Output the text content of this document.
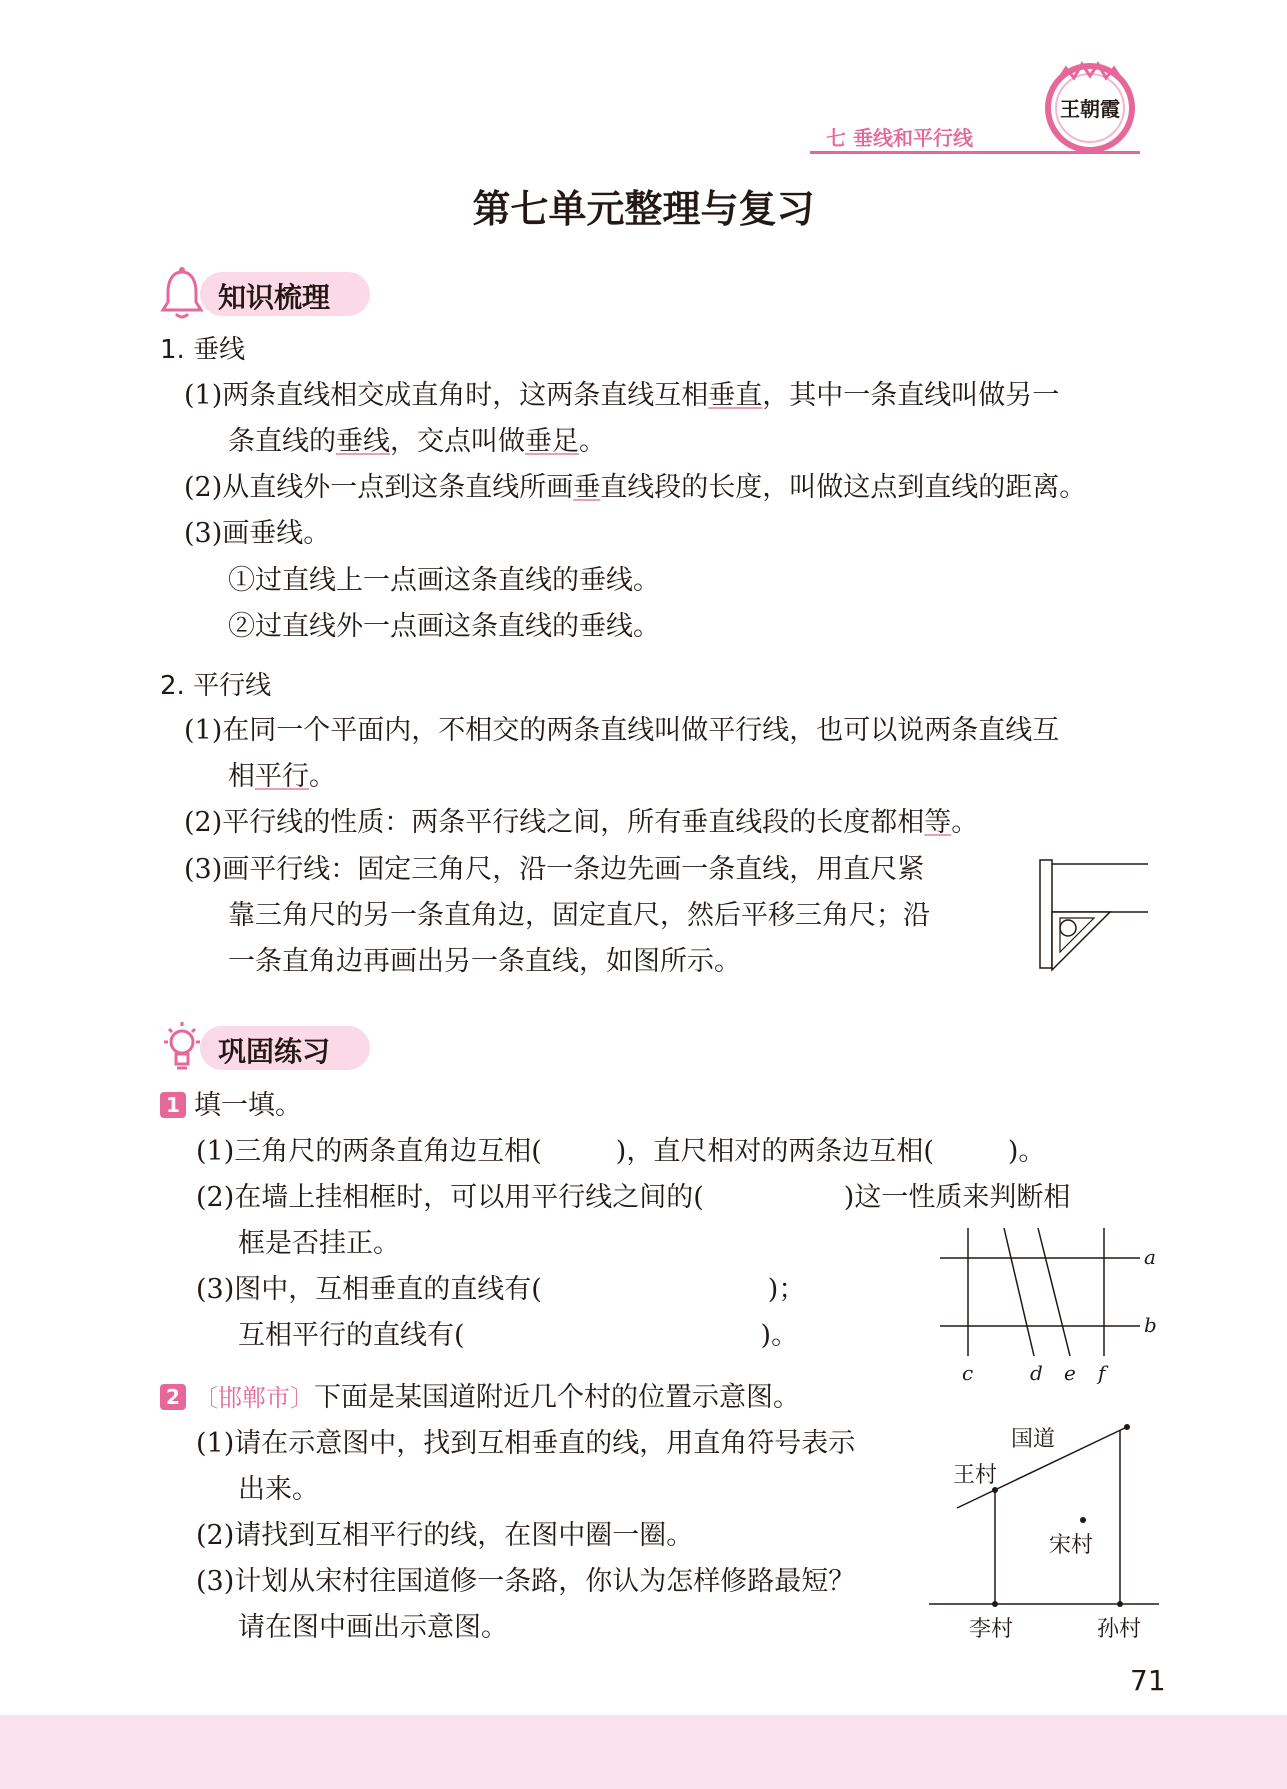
七 垂线和平行线
王朝霞
第七单元整理与复习
知识梳理
1. 垂线
(1)两条直线相交成直角时，这两条直线互相垂直，其中一条直线叫做另一
条直线的垂线，交点叫做垂足。
(2)从直线外一点到这条直线所画垂直线段的长度，叫做这点到直线的距离。
(3)画垂线。
①过直线上一点画这条直线的垂线。
②过直线外一点画这条直线的垂线。
2. 平行线
(1)在同一个平面内，不相交的两条直线叫做平行线，也可以说两条直线互
相平行。
(2)平行线的性质：两条平行线之间，所有垂直线段的长度都相等。
(3)画平行线：固定三角尺，沿一条边先画一条直线，用直尺紧
靠三角尺的另一条直角边，固定直尺，然后平移三角尺；沿
一条直角边再画出另一条直线，如图所示。
巩固练习
1 填一填。
(1)三角尺的两条直角边互相(	)，直尺相对的两条边互相(	)。
(2)在墙上挂相框时，可以用平行线之间的(	)这一性质来判断相
框是否挂正。
(3)图中，互相垂直的直线有(	)；
互相平行的直线有(	)。
a
b
c	d e f
2 〔邯郸市〕下面是某国道附近几个村的位置示意图。
(1)请在示意图中，找到互相垂直的线，用直角符号表示
出来。
(2)请找到互相平行的线，在图中圈一圈。
(3)计划从宋村往国道修一条路，你认为怎样修路最短？
请在图中画出示意图。
国道
王村
宋村
李村	孙村
71
